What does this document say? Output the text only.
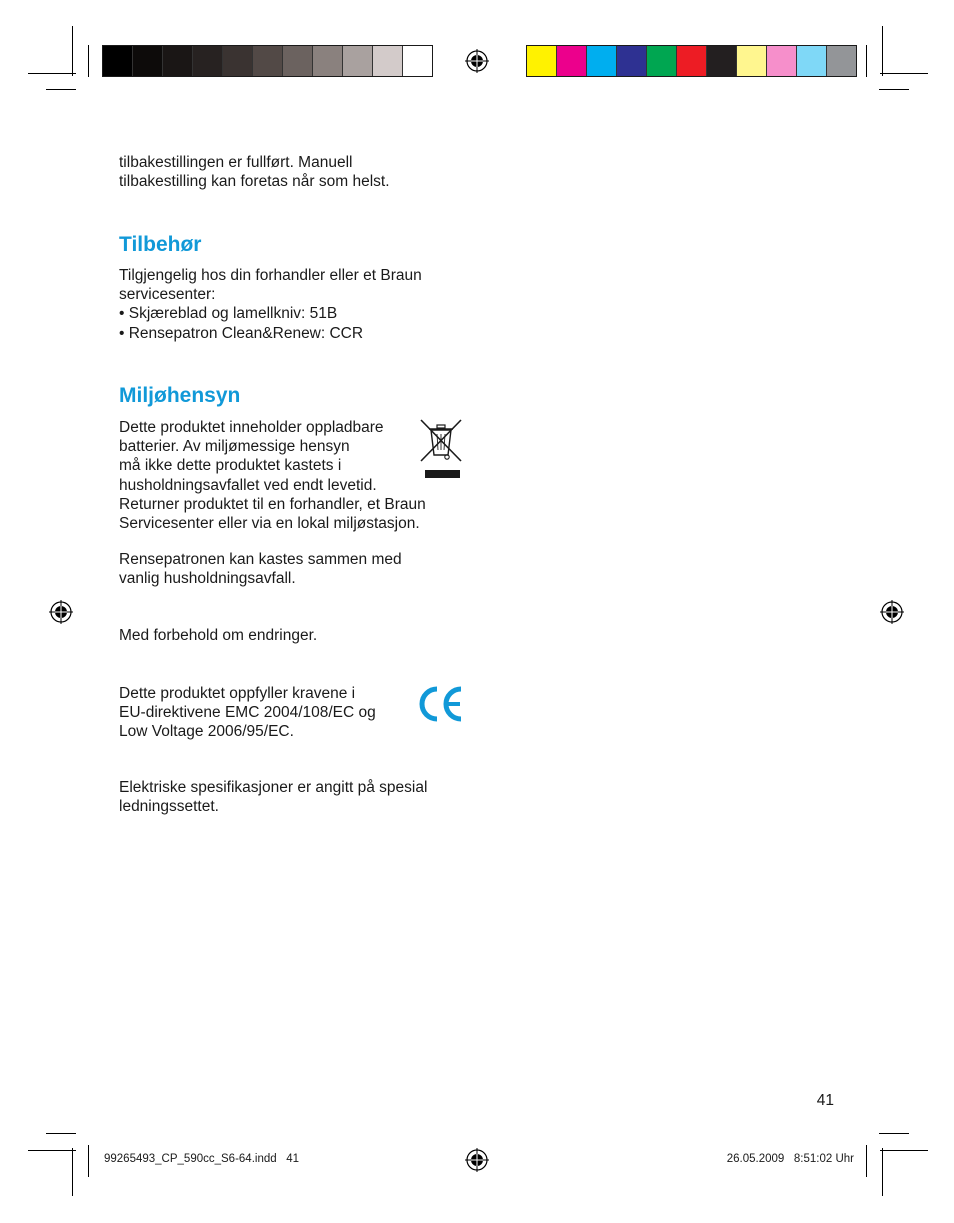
tilbakestillingen er fullført. Manuell
tilbakestilling kan foretas når som helst.
Tilbehør
Tilgjengelig hos din forhandler eller et Braun
servicesenter:
• Skjæreblad og lamellkniv: 51B
• Rensepatron Clean&Renew: CCR
Miljøhensyn
Dette produktet inneholder oppladbare
batterier. Av miljømessige hensyn
må ikke dette produktet kastets i
husholdningsavfallet ved endt levetid.
Returner produktet til en forhandler, et Braun
Servicesenter eller via en lokal miljøstasjon.
Rensepatronen kan kastes sammen med
vanlig husholdningsavfall.
Med forbehold om endringer.
Dette produktet oppfyller kravene i
EU-direktivene EMC 2004/108/EC og
Low Voltage 2006/95/EC.
Elektriske spesifikasjoner er angitt på spesial
ledningssettet.
41
99265493_CP_590cc_S6-64.indd   41	26.05.2009   8:51:02 Uhr
